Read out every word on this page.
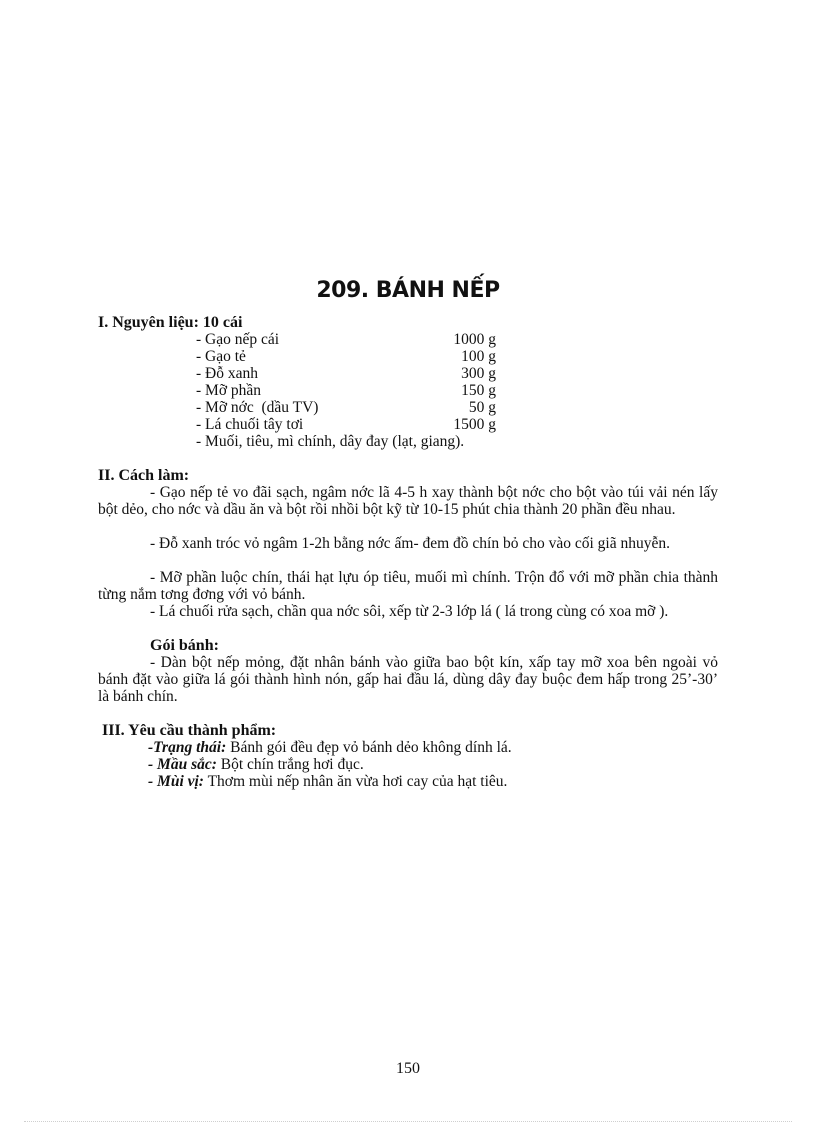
209. BÁNH NẾP
I. Nguyên liệu: 10 cái
- Gạo nếp cái	1000 g
- Gạo tẻ	100 g
- Đỗ xanh	300 g
- Mỡ phần	150 g
- Mỡ nớc  (dầu TV)	50 g
- Lá chuối tây tơi	1500 g
- Muối, tiêu, mì chính, dây đay (lạt, giang).
II. Cách làm:

- Gạo nếp tẻ vo đãi sạch, ngâm nớc lã 4-5 h xay thành bột nớc cho bột vào túi vải nén lấy bột dẻo, cho nớc và dầu ăn và bột rồi nhồi bột kỹ từ 10-15 phút chia thành 20 phần đều nhau.

- Đỗ xanh tróc vỏ ngâm 1-2h bằng nớc ấm- đem đồ chín bỏ cho vào cối giã nhuyễn.

- Mỡ phần luộc chín, thái hạt lựu óp tiêu, muối mì chính. Trộn đổ với mỡ phần chia thành từng nắm tơng đơng với vỏ bánh.

- Lá chuối rửa sạch, chần qua nớc sôi, xếp từ 2-3 lớp lá ( lá trong cùng có xoa mỡ ).

Gói bánh:

- Dàn bột nếp mỏng, đặt nhân bánh vào giữa bao bột kín, xấp tay mỡ xoa bên ngoài vỏ bánh đặt vào giữa lá gói thành hình nón, gấp hai đầu lá, dùng dây đay buộc đem hấp trong 25’-30’ là bánh chín.

III. Yêu cầu thành phẩm:
-Trạng thái: Bánh gói đều đẹp vỏ bánh dẻo không dính lá.
- Mầu sắc: Bột chín trắng hơi đục.
- Mùi vị: Thơm mùi nếp nhân ăn vừa hơi cay của hạt tiêu.
150
